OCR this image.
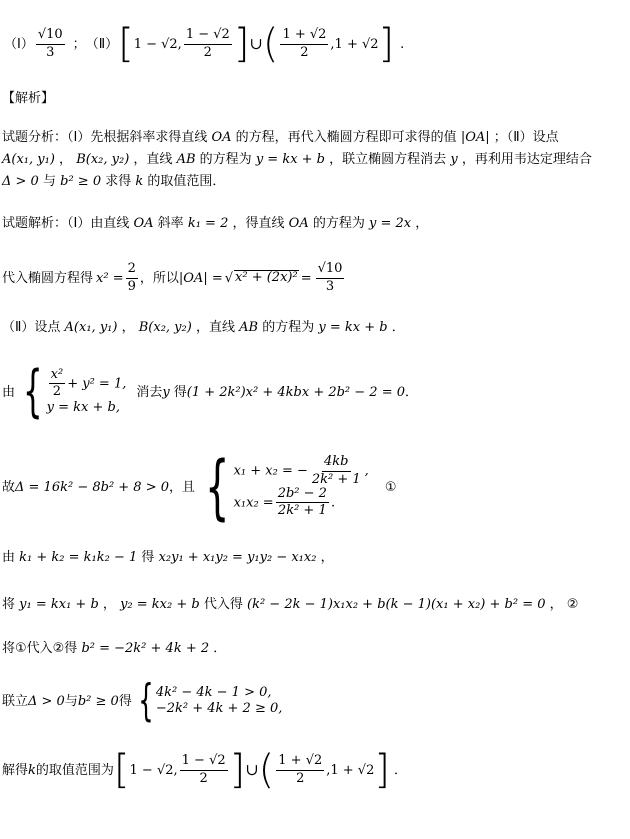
（Ⅰ） $\frac{√10}{3}$ ； （Ⅱ） [ 1 − √2, $\frac{1 - √2}{2}$ ] ∪ ( $\frac{1 + √2}{2} ,1 + √2$ ] .
【解析】
试题分析：（Ⅰ）先根据斜率求得直线 OA 的方程，再代入椭圆方程即可求得的值 |OA| ；（Ⅱ）设点
A(x₁, y₁) ， B(x₂, y₂) ，直线 AB 的方程为 y = kx + b ，联立椭圆方程消去 y ，再利用韦达定理结合
Δ > 0 与 b² ≥ 0 求得 k 的取值范围．
试题解析：（Ⅰ）由直线 OA 斜率 k₁ = 2 ，得直线 OA 的方程为 y = 2x ，
代入椭圆方程得 $x^2 = \frac{2}{9}$ ，所以 |OA| = √ $x^2 + (2x)^2 = \frac{√10}{3}$
（Ⅱ）设点 A(x₁, y₁) ， B(x₂, y₂) ，直线 AB 的方程为 y = kx + b ．
由 { $\frac{\text{x²}}{2} + y^2 = 1$,
y = kx + b,
消去 y 得 (1 + 2k²)x² + 4kbx + 2b² − 2 = 0 ．
故 Δ = 16k² − 8b² + 8 > 0 ，且 { x₁ + x₂ = − $\frac{4kb}{\text{2k² + 1}}$ ,
$x_1x_2 = \frac{\text{2b² − 2}}{\text{2k² + 1}}$ .
①
由 k₁ + k₂ = k₁k₂ − 1 得 x₂y₁ + x₁y₂ = y₁y₂ − x₁x₂ ，
将 y₁ = kx₁ + b ， y₂ = kx₂ + b 代入得 (k² − 2k − 1)x₁x₂ + b(k − 1)(x₁ + x₂) + b² = 0 ， ②
将①代入②得 b² = −2k² + 4k + 2 ．
联立 Δ > 0 与 b² ≥ 0 得 { 4k² − 4k − 1 > 0,
−2k² + 4k + 2 ≥ 0,
解得 k 的取值范围为 [ 1 − √2, $\frac{1 - √2}{2}$ ] ∪ ( $\frac{1 + √2}{2} ,1 + √2$ ] ．
